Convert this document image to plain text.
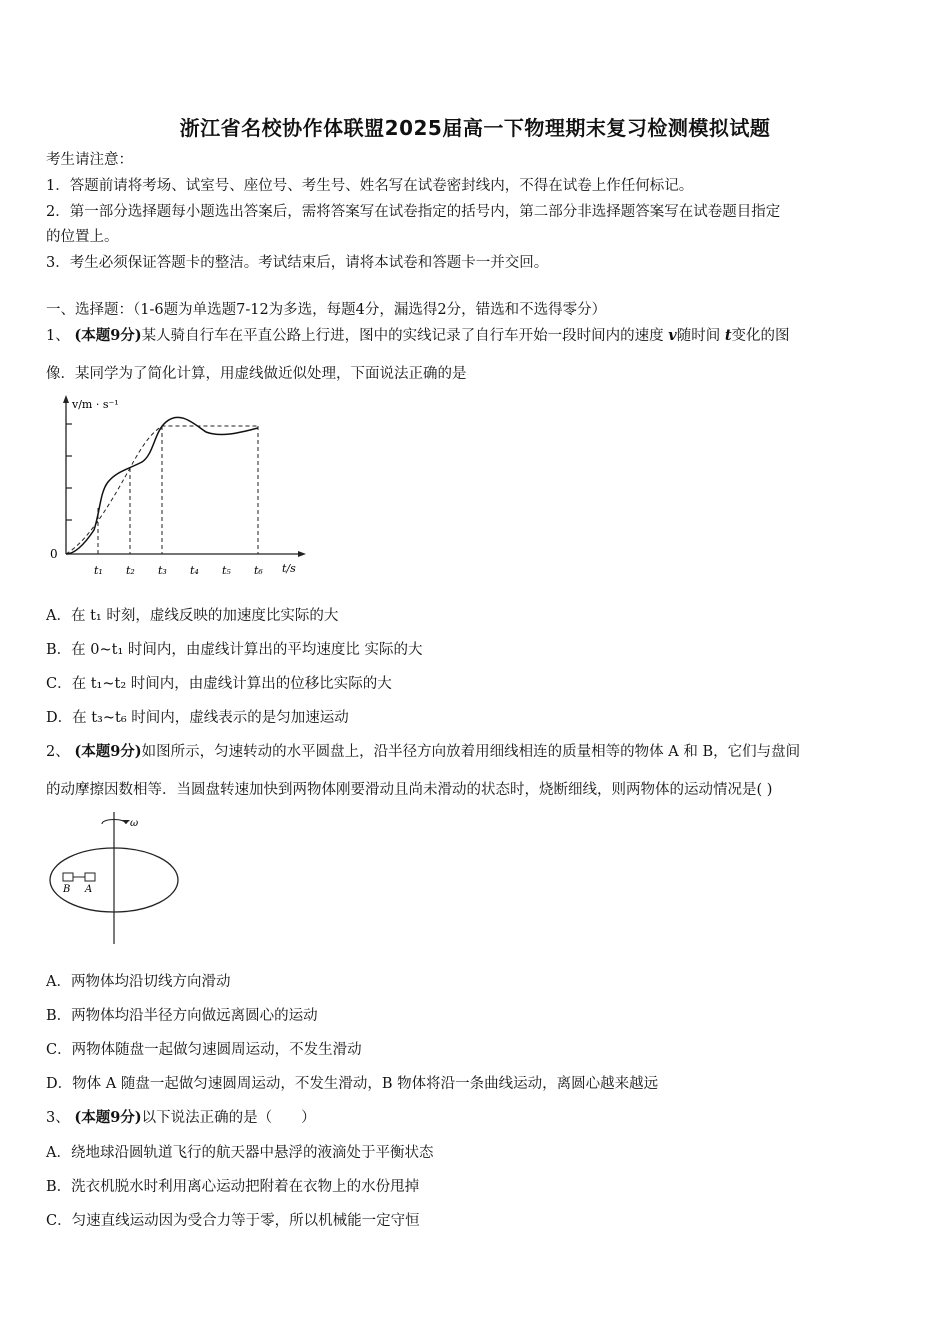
浙江省名校协作体联盟2025届高一下物理期末复习检测模拟试题
考生请注意：
1．答题前请将考场、试室号、座位号、考生号、姓名写在试卷密封线内，不得在试卷上作任何标记。
2．第一部分选择题每小题选出答案后，需将答案写在试卷指定的括号内，第二部分非选择题答案写在试卷题目指定
的位置上。
3．考生必须保证答题卡的整洁。考试结束后，请将本试卷和答题卡一并交回。
一、选择题：（1-6题为单选题7-12为多选，每题4分，漏选得2分，错选和不选得零分）
1、 (本题9分)某人骑自行车在平直公路上行进，图中的实线记录了自行车开始一段时间内的速度 v随时间 t变化的图
像．某同学为了简化计算，用虚线做近似处理，下面说法正确的是
v/m · s⁻¹
0
t/s
t₁ t₂ t₃ t₄ t₅ t₆
A．在 t₁ 时刻，虚线反映的加速度比实际的大
B．在 0~t₁ 时间内，由虚线计算出的平均速度比 实际的大
C．在 t₁~t₂ 时间内，由虚线计算出的位移比实际的大
D．在 t₃~t₆ 时间内，虚线表示的是匀加速运动
2、 (本题9分)如图所示，匀速转动的水平圆盘上，沿半径方向放着用细线相连的质量相等的物体 A 和 B，它们与盘间
的动摩擦因数相等．当圆盘转速加快到两物体刚要滑动且尚未滑动的状态时，烧断细线，则两物体的运动情况是( )
ω
B A
A．两物体均沿切线方向滑动
B．两物体均沿半径方向做远离圆心的运动
C．两物体随盘一起做匀速圆周运动，不发生滑动
D．物体 A 随盘一起做匀速圆周运动，不发生滑动，B 物体将沿一条曲线运动，离圆心越来越远
3、 (本题9分)以下说法正确的是（　　）
A．绕地球沿圆轨道飞行的航天器中悬浮的液滴处于平衡状态
B．洗衣机脱水时利用离心运动把附着在衣物上的水份甩掉
C．匀速直线运动因为受合力等于零，所以机械能一定守恒
